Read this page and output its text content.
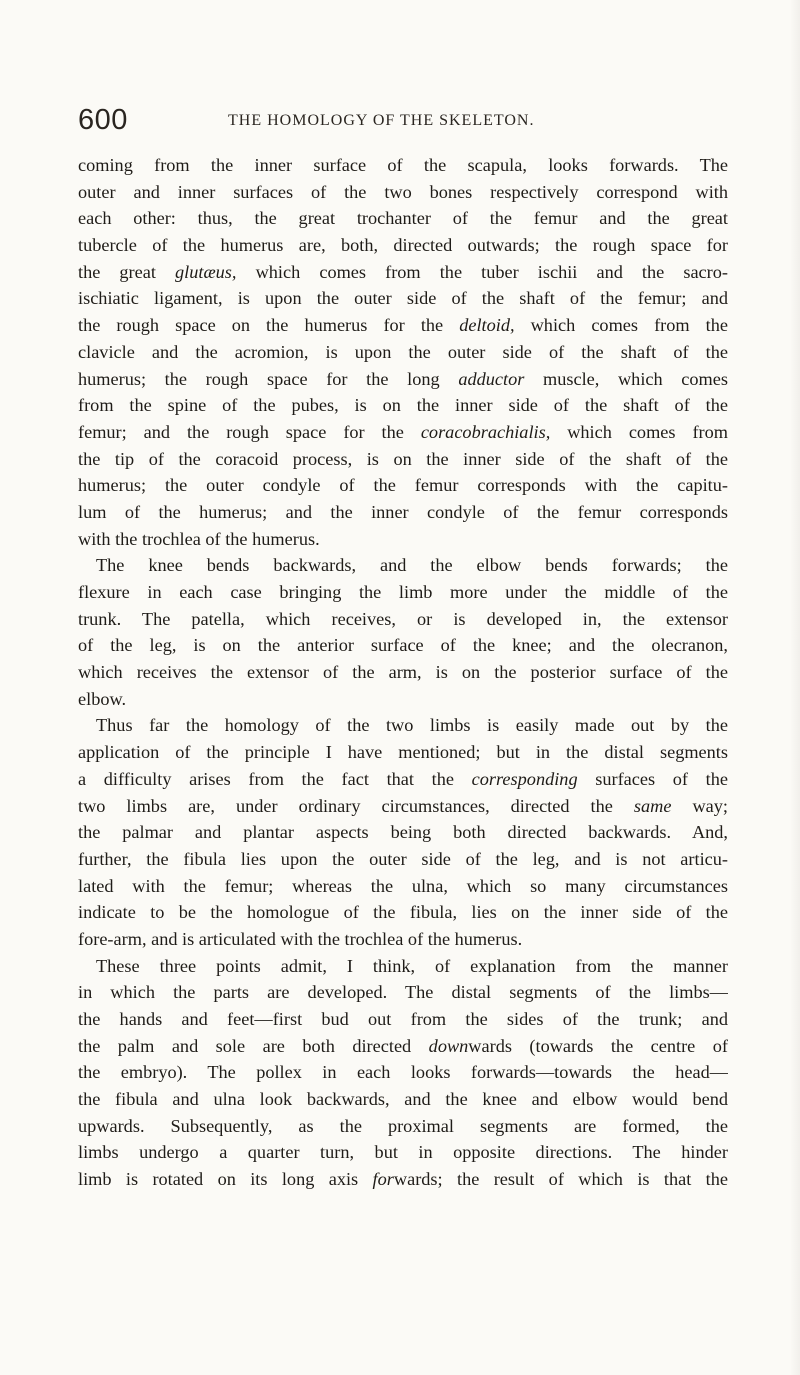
600	THE HOMOLOGY OF THE SKELETON.
coming from the inner surface of the scapula, looks forwards. The
outer and inner surfaces of the two bones respectively correspond with
each other: thus, the great trochanter of the femur and the great
tubercle of the humerus are, both, directed outwards; the rough space for
the great glutæus, which comes from the tuber ischii and the sacro-
ischiatic ligament, is upon the outer side of the shaft of the femur; and
the rough space on the humerus for the deltoid, which comes from the
clavicle and the acromion, is upon the outer side of the shaft of the
humerus; the rough space for the long adductor muscle, which comes
from the spine of the pubes, is on the inner side of the shaft of the
femur; and the rough space for the coracobrachialis, which comes from
the tip of the coracoid process, is on the inner side of the shaft of the
humerus; the outer condyle of the femur corresponds with the capitu-
lum of the humerus; and the inner condyle of the femur corresponds
with the trochlea of the humerus.
The knee bends backwards, and the elbow bends forwards; the
flexure in each case bringing the limb more under the middle of the
trunk. The patella, which receives, or is developed in, the extensor
of the leg, is on the anterior surface of the knee; and the olecranon,
which receives the extensor of the arm, is on the posterior surface of the
elbow.
Thus far the homology of the two limbs is easily made out by the
application of the principle I have mentioned; but in the distal segments
a difficulty arises from the fact that the corresponding surfaces of the
two limbs are, under ordinary circumstances, directed the same way;
the palmar and plantar aspects being both directed backwards. And,
further, the fibula lies upon the outer side of the leg, and is not articu-
lated with the femur; whereas the ulna, which so many circumstances
indicate to be the homologue of the fibula, lies on the inner side of the
fore-arm, and is articulated with the trochlea of the humerus.
These three points admit, I think, of explanation from the manner
in which the parts are developed. The distal segments of the limbs—
the hands and feet—first bud out from the sides of the trunk; and
the palm and sole are both directed downwards (towards the centre of
the embryo). The pollex in each looks forwards—towards the head—
the fibula and ulna look backwards, and the knee and elbow would bend
upwards. Subsequently, as the proximal segments are formed, the
limbs undergo a quarter turn, but in opposite directions. The hinder
limb is rotated on its long axis forwards; the result of which is that the
